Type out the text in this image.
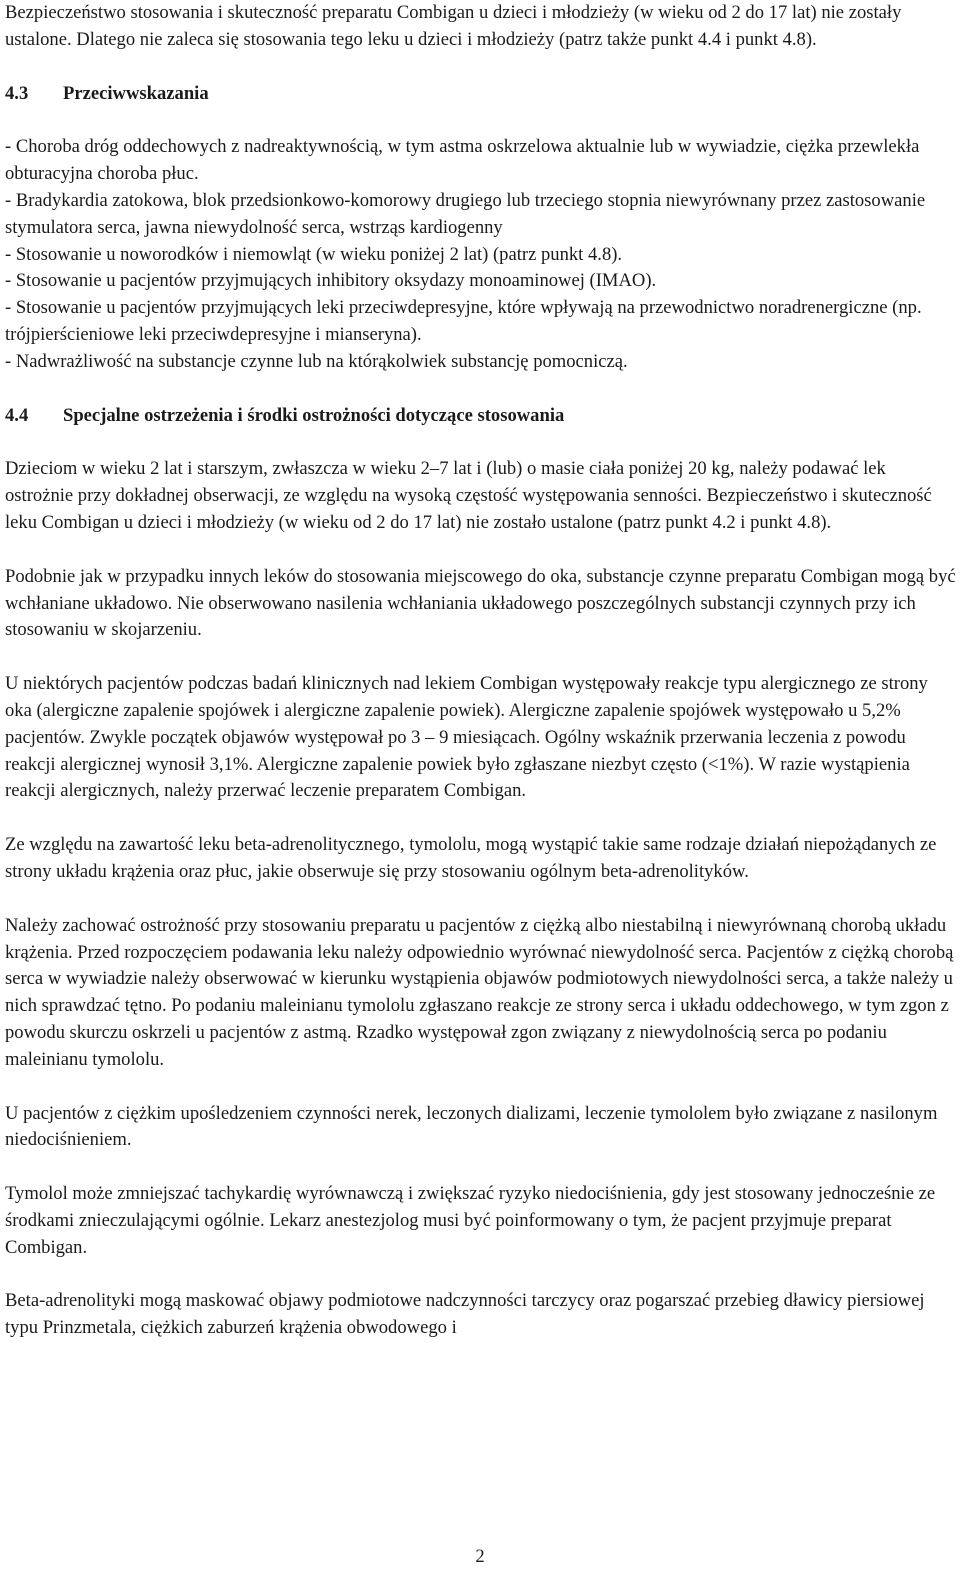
Bezpieczeństwo stosowania i skuteczność preparatu Combigan u dzieci i młodzieży (w wieku od 2 do 17 lat) nie zostały ustalone. Dlatego nie zaleca się stosowania tego leku u dzieci i młodzieży (patrz także punkt 4.4 i punkt 4.8).

4.3 Przeciwwskazania

- Choroba dróg oddechowych z nadreaktywnością, w tym astma oskrzelowa aktualnie lub w wywiadzie, ciężka przewlekła obturacyjna choroba płuc.

- Bradykardia zatokowa, blok przedsionkowo-komorowy drugiego lub trzeciego stopnia niewyrównany przez zastosowanie stymulatora serca, jawna niewydolność serca, wstrząs kardiogenny

- Stosowanie u noworodków i niemowląt (w wieku poniżej 2 lat) (patrz punkt 4.8).

- Stosowanie u pacjentów przyjmujących inhibitory oksydazy monoaminowej (IMAO).

- Stosowanie u pacjentów przyjmujących leki przeciwdepresyjne, które wpływają na przewodnictwo noradrenergiczne (np. trójpierścieniowe leki przeciwdepresyjne i mianseryna).

- Nadwrażliwość na substancje czynne lub na którąkolwiek substancję pomocniczą.

4.4 Specjalne ostrzeżenia i środki ostrożności dotyczące stosowania

Dzieciom w wieku 2 lat i starszym, zwłaszcza w wieku 2–7 lat i (lub) o masie ciała poniżej 20 kg, należy podawać lek ostrożnie przy dokładnej obserwacji, ze względu na wysoką częstość występowania senności. Bezpieczeństwo i skuteczność leku Combigan u dzieci i młodzieży (w wieku od 2 do 17 lat) nie zostało ustalone (patrz punkt 4.2 i punkt 4.8).

Podobnie jak w przypadku innych leków do stosowania miejscowego do oka, substancje czynne preparatu Combigan mogą być wchłaniane układowo. Nie obserwowano nasilenia wchłaniania układowego poszczególnych substancji czynnych przy ich stosowaniu w skojarzeniu.

U niektórych pacjentów podczas badań klinicznych nad lekiem Combigan występowały reakcje typu alergicznego ze strony oka (alergiczne zapalenie spojówek i alergiczne zapalenie powiek). Alergiczne zapalenie spojówek występowało u 5,2% pacjentów. Zwykle początek objawów występował po 3 – 9 miesiącach. Ogólny wskaźnik przerwania leczenia z powodu reakcji alergicznej wynosił 3,1%. Alergiczne zapalenie powiek było zgłaszane niezbyt często (<1%). W razie wystąpienia reakcji alergicznych, należy przerwać leczenie preparatem Combigan.

Ze względu na zawartość leku beta-adrenolitycznego, tymololu, mogą wystąpić takie same rodzaje działań niepożądanych ze strony układu krążenia oraz płuc, jakie obserwuje się przy stosowaniu ogólnym beta-adrenolityków.

Należy zachować ostrożność przy stosowaniu preparatu u pacjentów z ciężką albo niestabilną i niewyrównaną chorobą układu krążenia. Przed rozpoczęciem podawania leku należy odpowiednio wyrównać niewydolność serca. Pacjentów z ciężką chorobą serca w wywiadzie należy obserwować w kierunku wystąpienia objawów podmiotowych niewydolności serca, a także należy u nich sprawdzać tętno. Po podaniu maleinianu tymololu zgłaszano reakcje ze strony serca i układu oddechowego, w tym zgon z powodu skurczu oskrzeli u pacjentów z astmą. Rzadko występował zgon związany z niewydolnością serca po podaniu maleinianu tymololu.

U pacjentów z ciężkim upośledzeniem czynności nerek, leczonych dializami, leczenie tymololem było związane z nasilonym niedociśnieniem.

Tymolol może zmniejszać tachykardię wyrównawczą i zwiększać ryzyko niedociśnienia, gdy jest stosowany jednocześnie ze środkami znieczulającymi ogólnie. Lekarz anestezjolog musi być poinformowany o tym, że pacjent przyjmuje preparat Combigan.

Beta-adrenolityki mogą maskować objawy podmiotowe nadczynności tarczycy oraz pogarszać przebieg dławicy piersiowej typu Prinzmetala, ciężkich zaburzeń krążenia obwodowego i

2
